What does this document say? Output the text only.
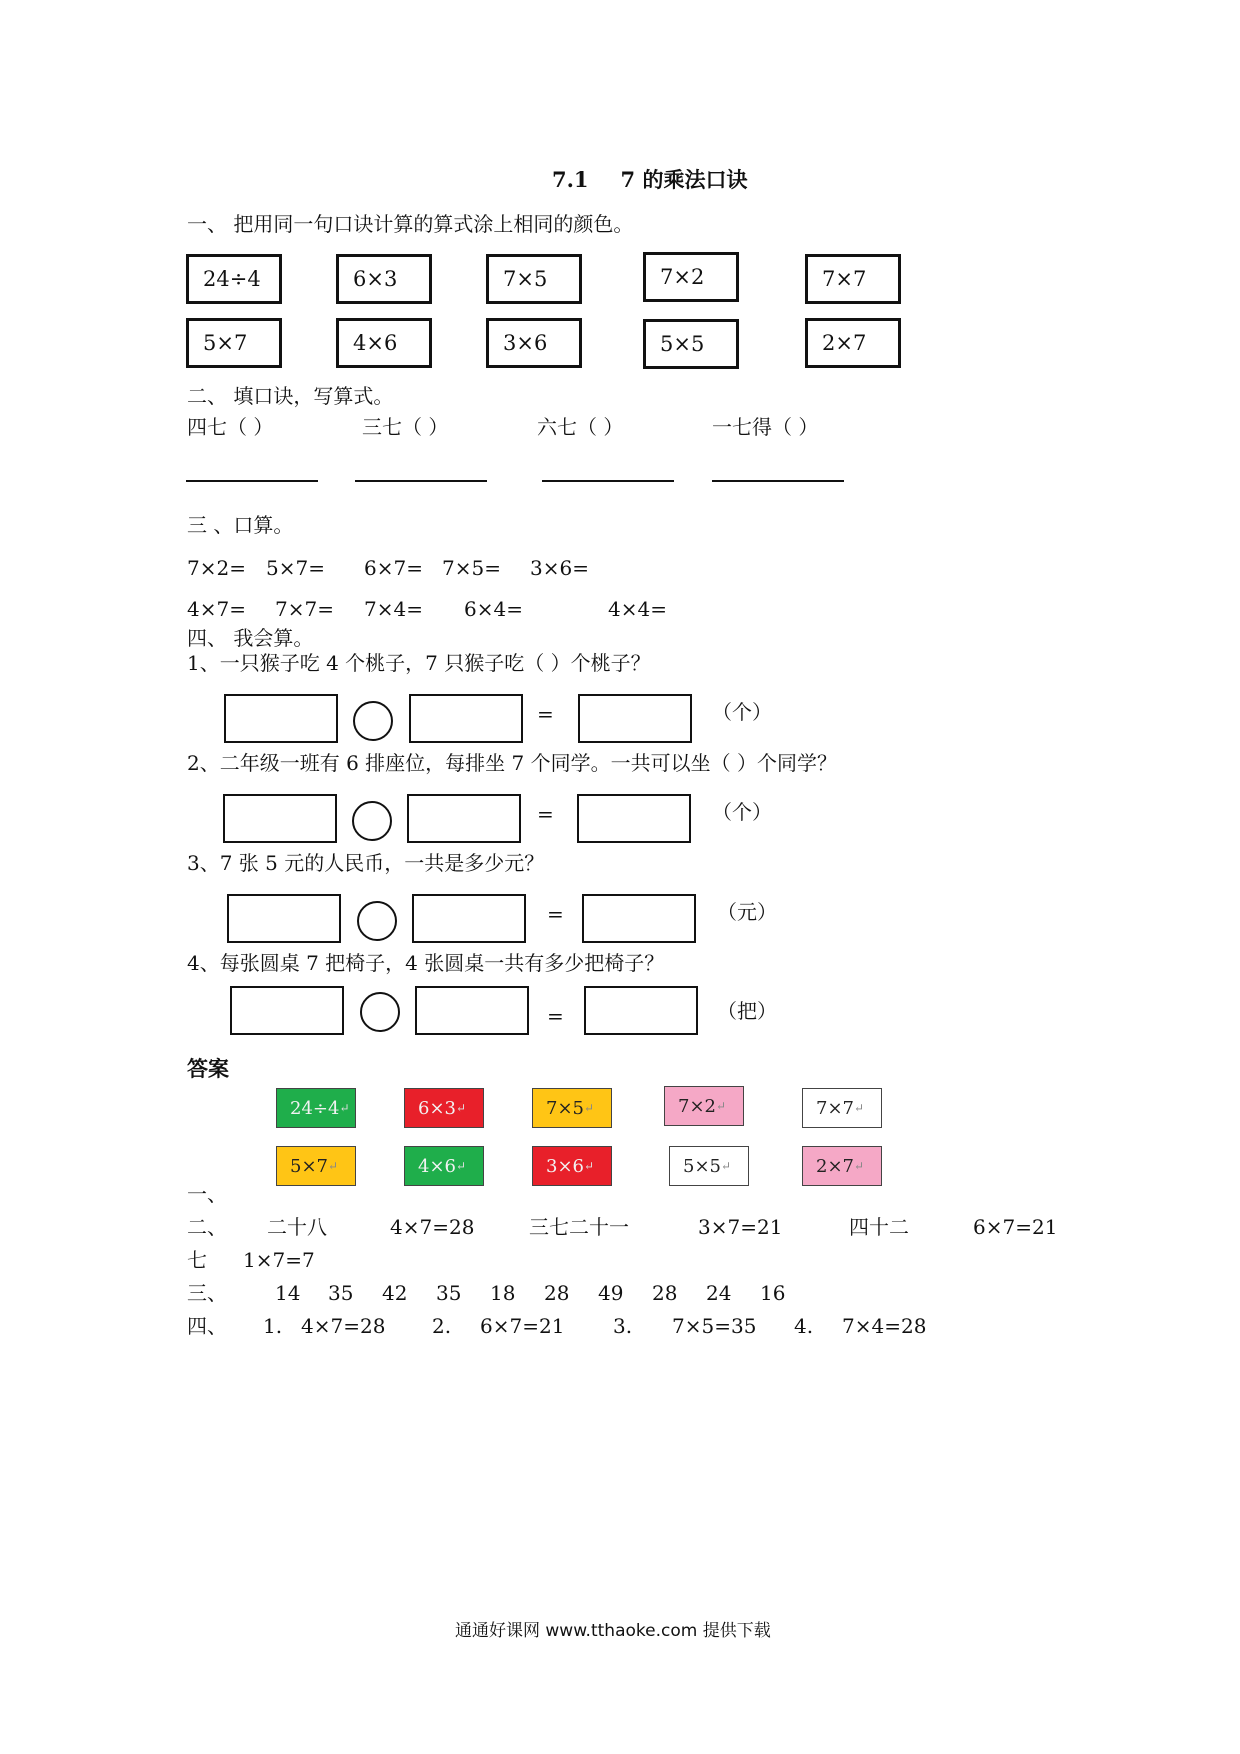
7.1 7 的乘法口诀
一、 把用同一句口诀计算的算式涂上相同的颜色。
24÷4	6×3	7×5	7×2	7×7
5×7	4×6	3×6	5×5	2×7
二、 填口诀，写算式。
四七（ ）	三七（ ）	六七（ ）	一七得（ ）
三 、口算。
7×2= 5×7= 6×7= 7×5= 3×6=
4×7= 7×7= 7×4= 6×4=	4×4=
四、 我会算。
1、一只猴子吃 4 个桃子，7 只猴子吃（ ）个桃子？
=	（个）
2、二年级一班有 6 排座位，每排坐 7 个同学。一共可以坐（ ）个同学？
=	（个）
3、7 张 5 元的人民币，一共是多少元？
=	（元）
4、每张圆桌 7 把椅子，4 张圆桌一共有多少把椅子？
=	（把）
答案
24÷4 ↵	6×3 ↵	7×5 ↵	7×2 ↵	7×7 ↵
5×7 ↵	4×6 ↵	3×6 ↵	5×5 ↵	2×7 ↵
一、
二、 二十八	4×7=28	三七二十一	3×7=21	四十二	6×7=21
七 1×7=7
三、 14 35 42 35 18 28 49 28 24 16
四、 1. 4×7=28 2. 6×7=21 3. 7×5=35 4. 7×4=28
通通好课网 www.tthaoke.com 提供下载
